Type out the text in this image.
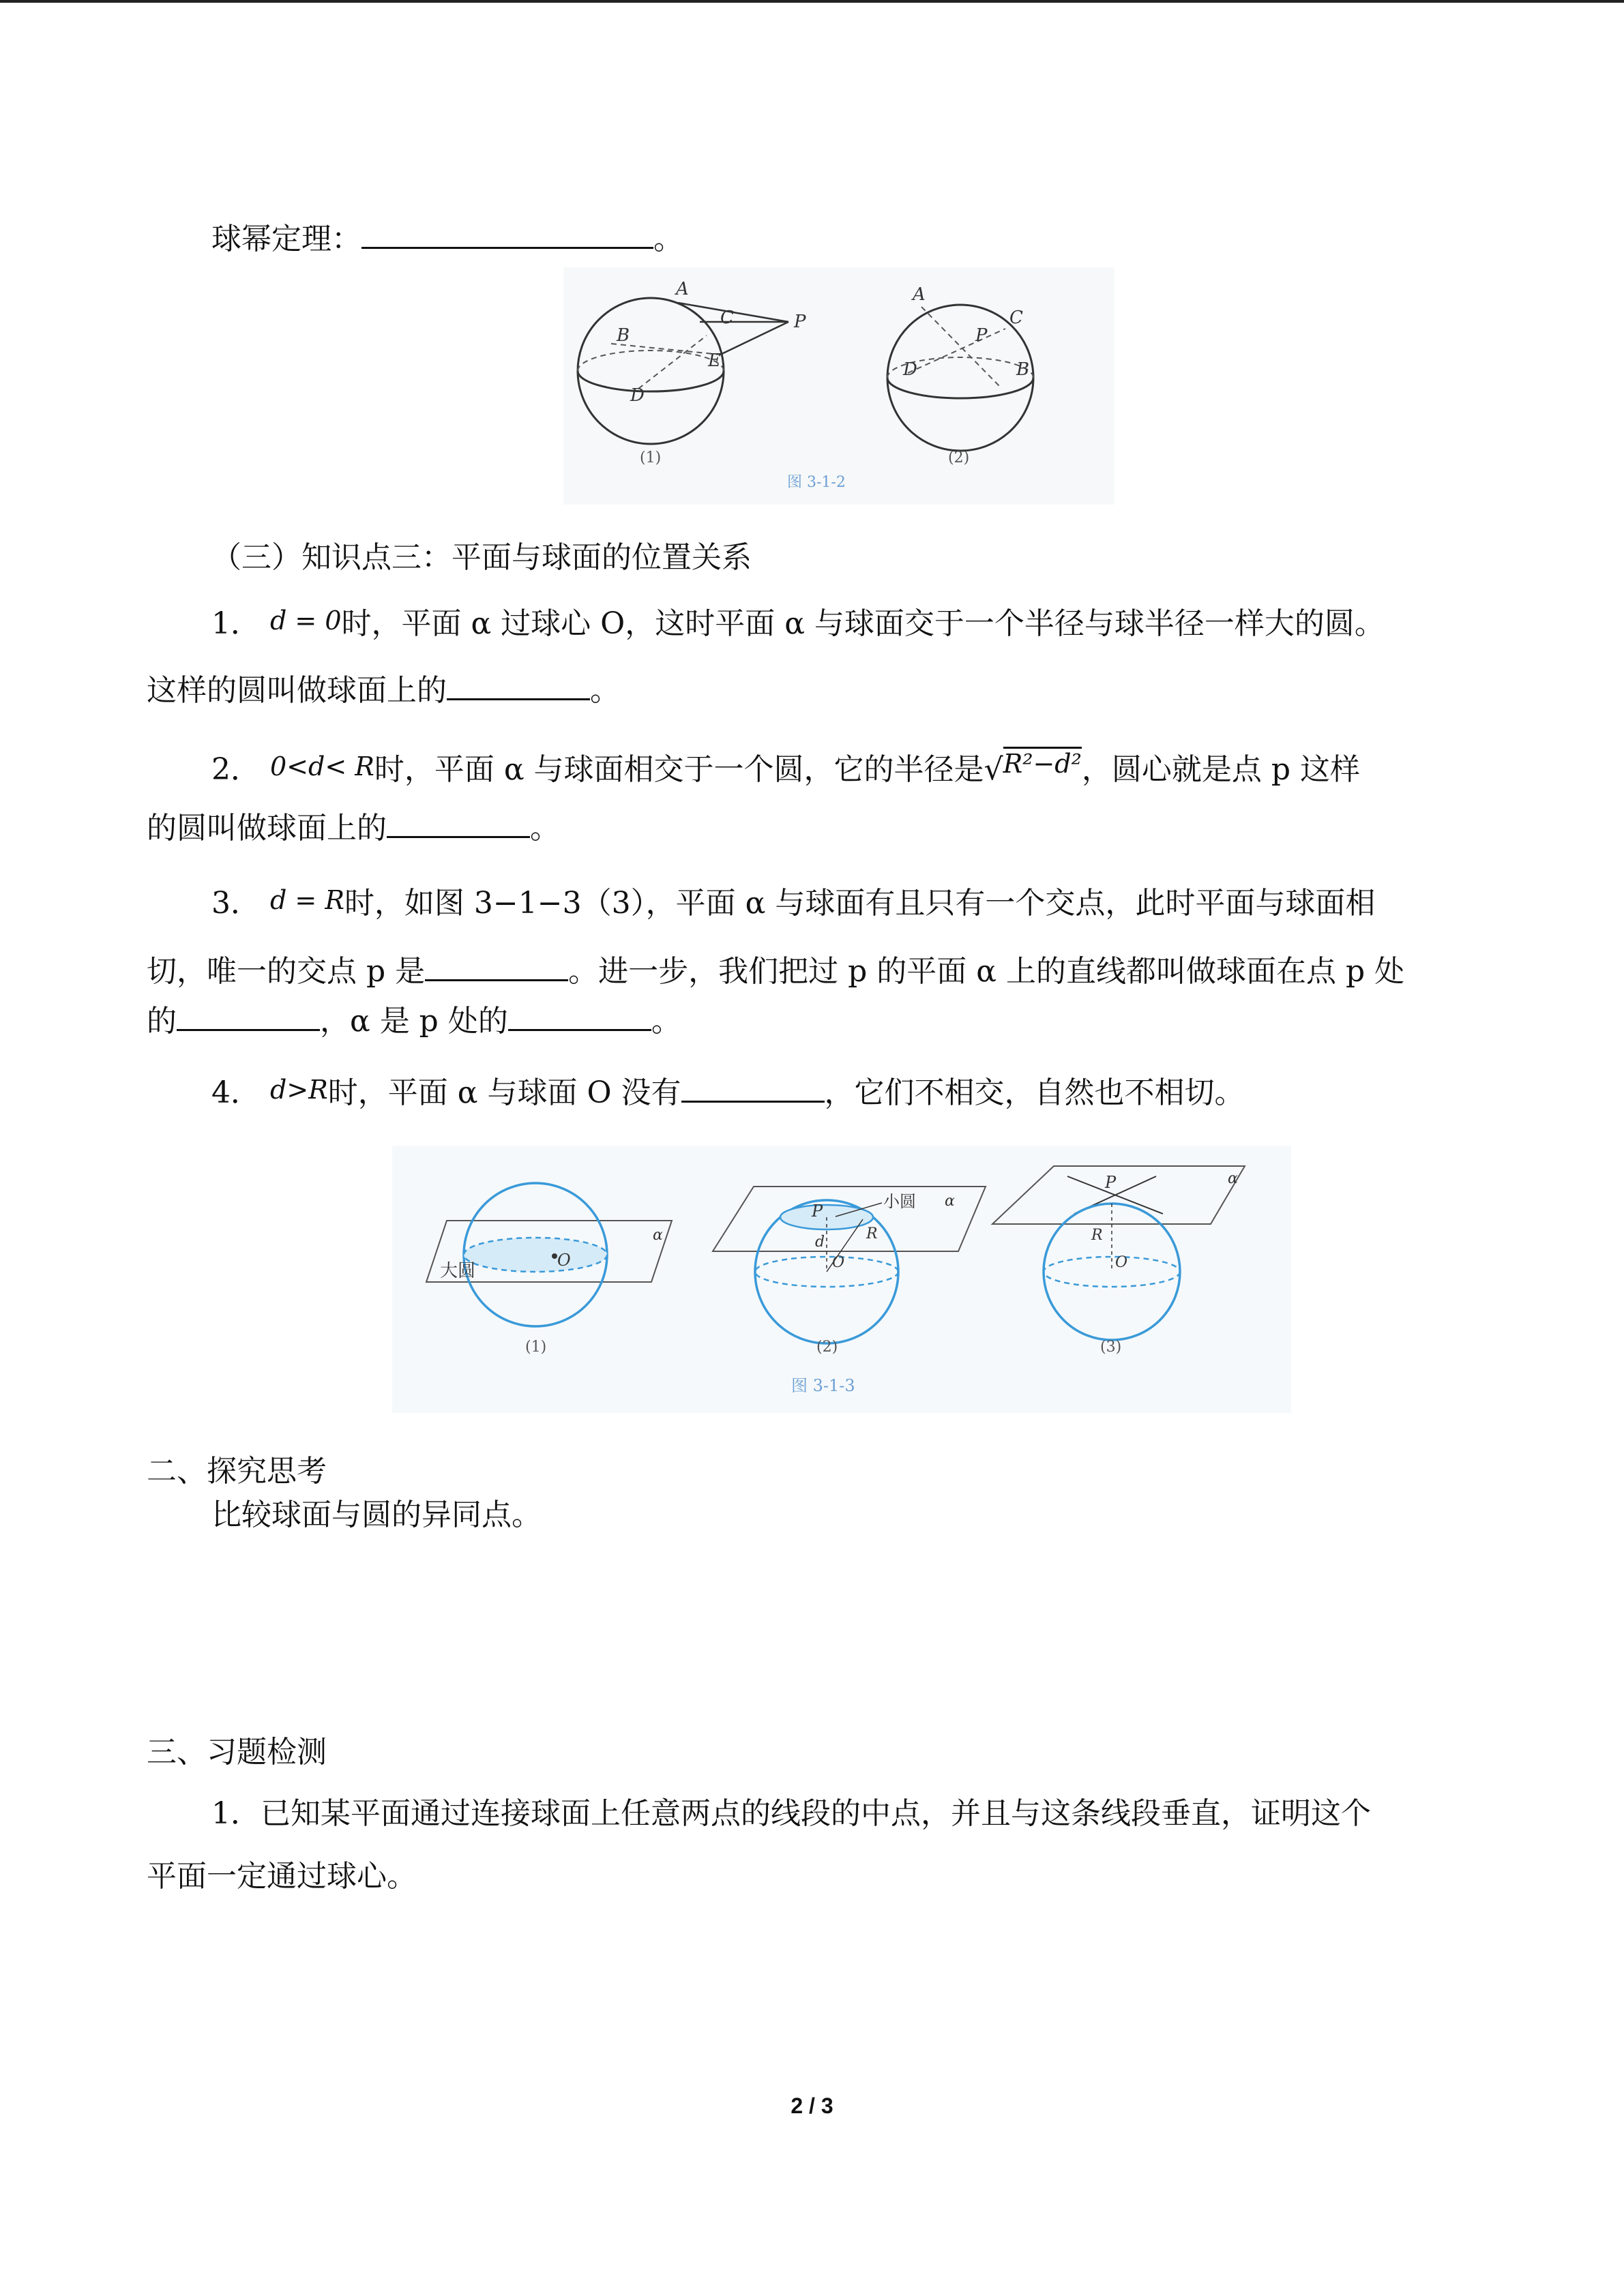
球幂定理：	。
A
B
C	P
E
D
(1)
A
C
P
D	B
(2)
图 3-1-2
（三）知识点三：平面与球面的位置关系
1． d = 0时，平面 α 过球心 O，这时平面 α 与球面交于一个半径与球半径一样大的圆。
这样的圆叫做球面上的	。
2． 0<d< R时，平面 α 与球面相交于一个圆，它的半径是√R²−d²，圆心就是点 p 这样
的圆叫做球面上的	。
3． d = R时，如图 3−1−3（3），平面 α 与球面有且只有一个交点，此时平面与球面相
切，唯一的交点 p 是	。进一步，我们把过 p 的平面 α 上的直线都叫做球面在点 p 处
的	，α 是 p 处的	。
4． d>R时，平面 α 与球面 O 没有	，它们不相交，自然也不相切。
O
大圆
α
(1)
P	小圆 α
d	R
O
(2)
P	α
R
O
(3)
图 3-1-3
二、探究思考
比较球面与圆的异同点。
三、习题检测
1．已知某平面通过连接球面上任意两点的线段的中点，并且与这条线段垂直，证明这个
平面一定通过球心。
2 / 3
